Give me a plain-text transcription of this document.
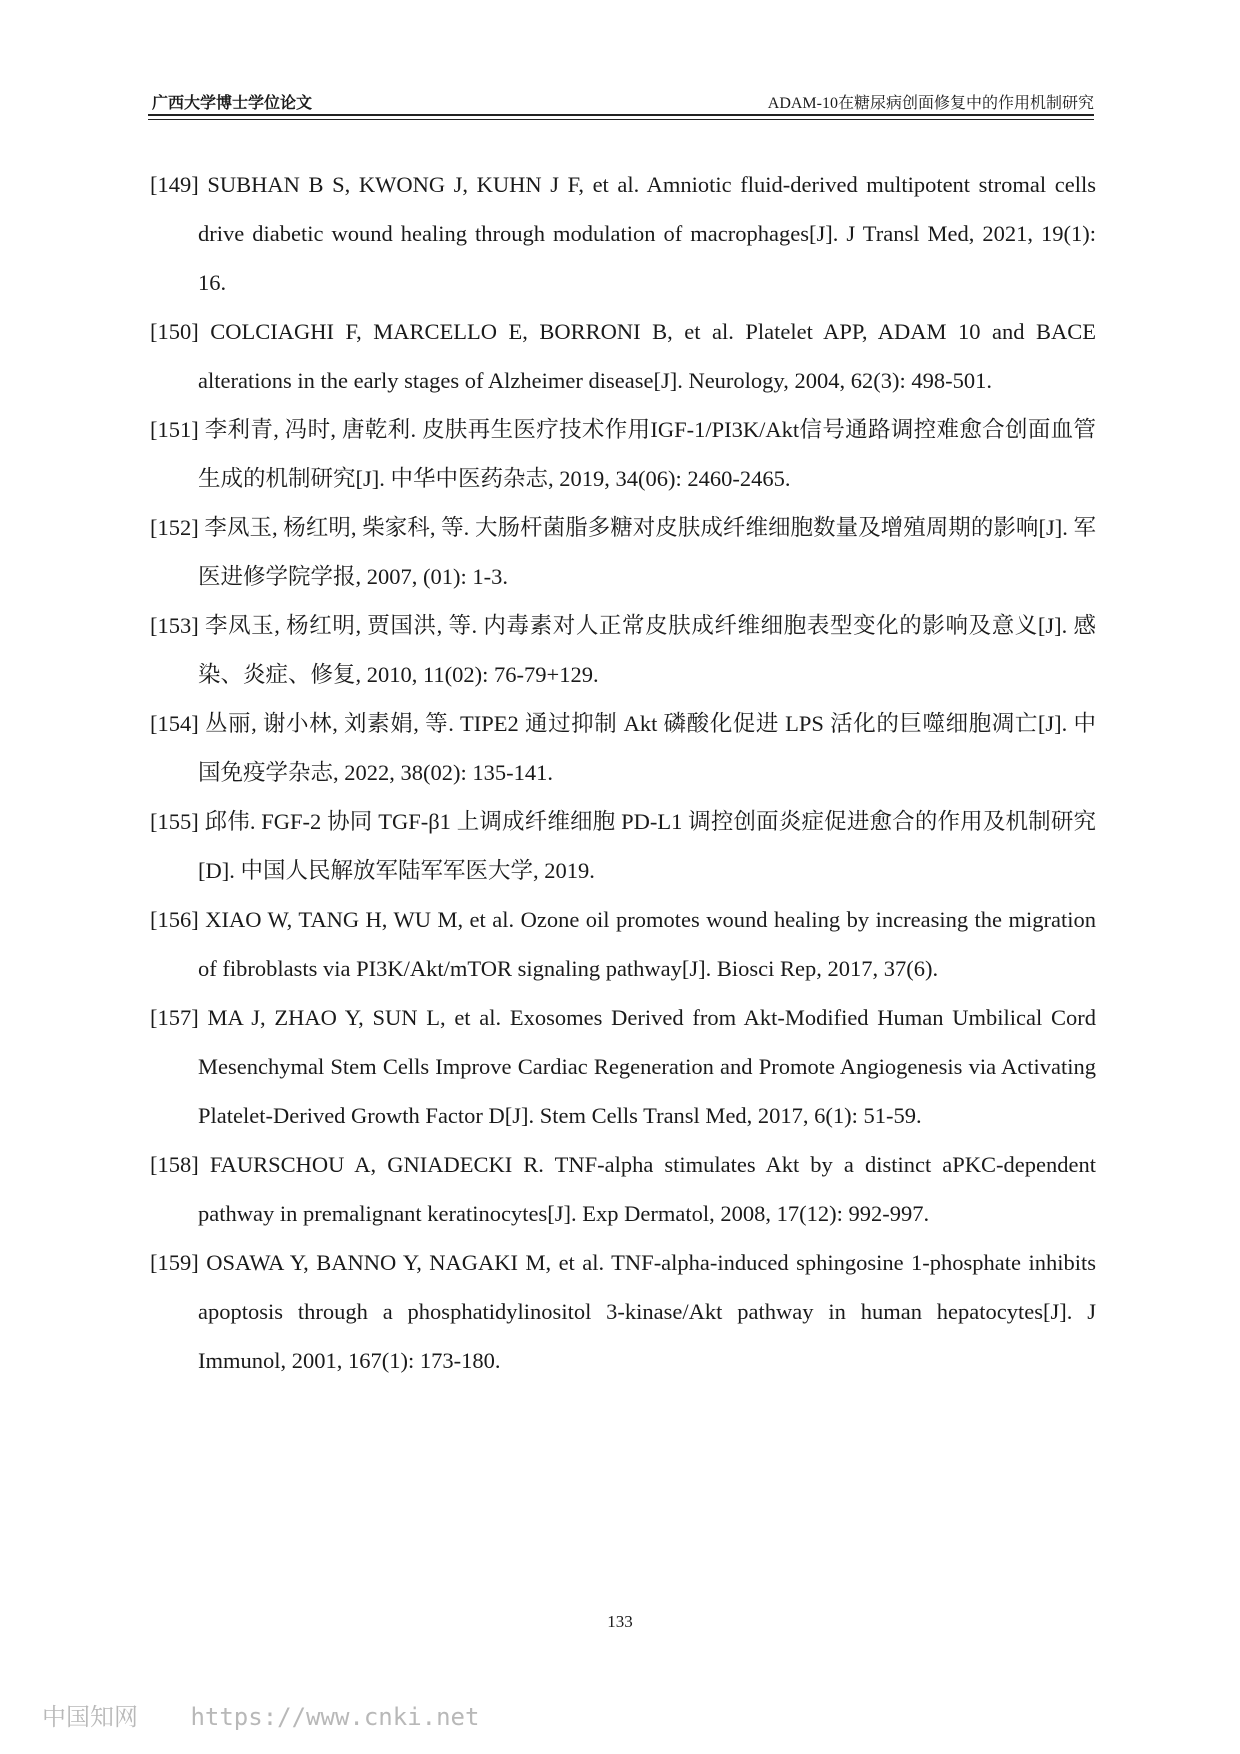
广西大学博士学位论文	ADAM-10在糖尿病创面修复中的作用机制研究
[149] SUBHAN B S, KWONG J, KUHN J F, et al. Amniotic fluid-derived multipotent stromal cells drive diabetic wound healing through modulation of macrophages[J]. J Transl Med, 2021, 19(1): 16.
[150] COLCIAGHI F, MARCELLO E, BORRONI B, et al. Platelet APP, ADAM 10 and BACE alterations in the early stages of Alzheimer disease[J]. Neurology, 2004, 62(3): 498-501.
[151] 李利青, 冯时, 唐乾利. 皮肤再生医疗技术作用IGF-1/PI3K/Akt信号通路调控难愈合创面血管生成的机制研究[J]. 中华中医药杂志, 2019, 34(06): 2460-2465.
[152] 李凤玉, 杨红明, 柴家科, 等. 大肠杆菌脂多糖对皮肤成纤维细胞数量及增殖周期的影响[J]. 军医进修学院学报, 2007, (01): 1-3.
[153] 李凤玉, 杨红明, 贾国洪, 等. 内毒素对人正常皮肤成纤维细胞表型变化的影响及意义[J]. 感染、炎症、修复, 2010, 11(02): 76-79+129.
[154] 丛丽, 谢小林, 刘素娟, 等. TIPE2 通过抑制 Akt 磷酸化促进 LPS 活化的巨噬细胞凋亡[J]. 中国免疫学杂志, 2022, 38(02): 135-141.
[155] 邱伟. FGF-2 协同 TGF-β1 上调成纤维细胞 PD-L1 调控创面炎症促进愈合的作用及机制研究[D]. 中国人民解放军陆军军医大学, 2019.
[156] XIAO W, TANG H, WU M, et al. Ozone oil promotes wound healing by increasing the migration of fibroblasts via PI3K/Akt/mTOR signaling pathway[J]. Biosci Rep, 2017, 37(6).
[157] MA J, ZHAO Y, SUN L, et al. Exosomes Derived from Akt-Modified Human Umbilical Cord Mesenchymal Stem Cells Improve Cardiac Regeneration and Promote Angiogenesis via Activating Platelet-Derived Growth Factor D[J]. Stem Cells Transl Med, 2017, 6(1): 51-59.
[158] FAURSCHOU A, GNIADECKI R. TNF-alpha stimulates Akt by a distinct aPKC-dependent pathway in premalignant keratinocytes[J]. Exp Dermatol, 2008, 17(12): 992-997.
[159] OSAWA Y, BANNO Y, NAGAKI M, et al. TNF-alpha-induced sphingosine 1-phosphate inhibits apoptosis through a phosphatidylinositol 3-kinase/Akt pathway in human hepatocytes[J]. J Immunol, 2001, 167(1): 173-180.
133
中国知网 https://www.cnki.net
